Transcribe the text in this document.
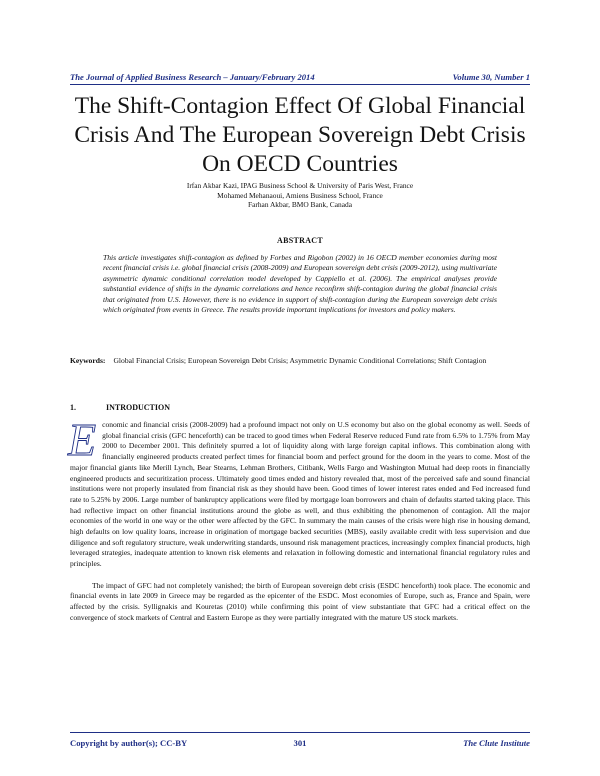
The Journal of Applied Business Research – January/February 2014	Volume 30, Number 1
The Shift-Contagion Effect Of Global Financial Crisis And The European Sovereign Debt Crisis On OECD Countries
Irfan Akbar Kazi, IPAG Business School & University of Paris West, France
Mohamed Mehanaoui, Amiens Business School, France
Farhan Akbar, BMO Bank, Canada
ABSTRACT
This article investigates shift-contagion as defined by Forbes and Rigobon (2002) in 16 OECD member economies during most recent financial crisis i.e. global financial crisis (2008-2009) and European sovereign debt crisis (2009-2012), using multivariate asymmetric dynamic conditional correlation model developed by Cappiello et al. (2006). The empirical analyses provide substantial evidence of shifts in the dynamic correlations and hence reconfirm shift-contagion during the global financial crisis that originated from U.S. However, there is no evidence in support of shift-contagion during the European sovereign debt crisis which originated from events in Greece. The results provide important implications for investors and policy makers.
Keywords: Global Financial Crisis; European Sovereign Debt Crisis; Asymmetric Dynamic Conditional Correlations; Shift Contagion
1.	INTRODUCTION

Economic and financial crisis (2008-2009) had a profound impact not only on U.S economy but also on the global economy as well. Seeds of global financial crisis (GFC henceforth) can be traced to good times when Federal Reserve reduced Fund rate from 6.5% to 1.75% from May 2000 to December 2001. This definitely spurred a lot of liquidity along with large foreign capital inflows. This combination along with financially engineered products created perfect times for financial boom and perfect ground for the doom in the years to come. Most of the major financial giants like Merill Lynch, Bear Stearns, Lehman Brothers, Citibank, Wells Fargo and Washington Mutual had deep roots in financially engineered products and securitization process. Ultimately good times ended and history revealed that, most of the perceived safe and sound financial institutions were not properly insulated from financial risk as they should have been. Good times of lower interest rates ended and Fed increased fund rate to 5.25% by 2006. Large number of bankruptcy applications were filed by mortgage loan borrowers and chain of defaults started taking place. This had reflective impact on other financial institutions around the globe as well, and thus exhibiting the phenomenon of contagion. All the major economies of the world in one way or the other were affected by the GFC. In summary the main causes of the crisis were high rise in housing demand, high defaults on low quality loans, increase in origination of mortgage backed securities (MBS), easily available credit with less supervision and due diligence and soft regulatory structure, weak underwriting standards, unsound risk management practices, increasingly complex financial products, high leveraged strategies, inadequate attention to known risk elements and relaxation in following domestic and international financial regulatory rules and principles.

The impact of GFC had not completely vanished; the birth of European sovereign debt crisis (ESDC henceforth) took place. The economic and financial events in late 2009 in Greece may be regarded as the epicenter of the ESDC. Most economies of Europe, such as, France and Spain, were affected by the crisis. Syllignakis and Kouretas (2010) while confirming this point of view substantiate that GFC had a critical effect on the convergence of stock markets of Central and Eastern Europe as they were partially integrated with the mature US stock markets.

Copyright by author(s); CC-BY	301	The Clute Institute
